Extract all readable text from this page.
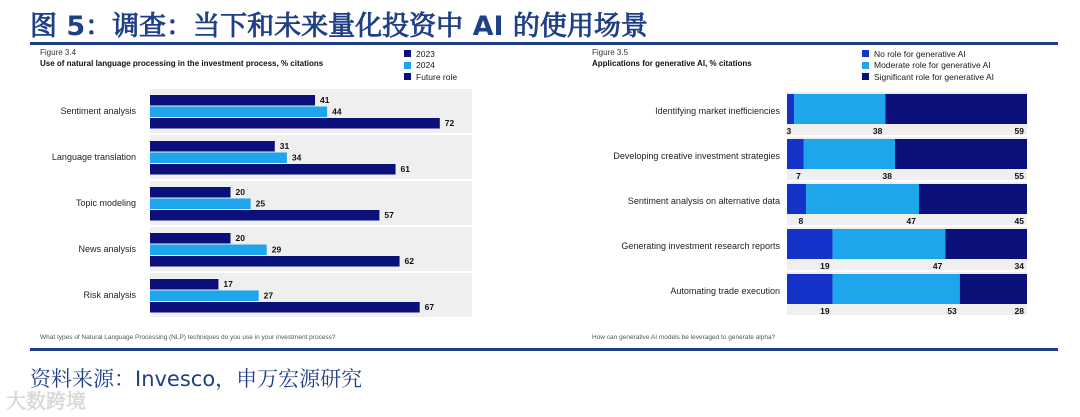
图 5：调查：当下和未来量化投资中 AI 的使用场景
Figure 3.4
Use of natural language processing in the investment process, % citations
2023
2024
Future role
Sentiment analysis
41
44
72
Language translation
31
34
61
Topic modeling
20
25
57
News analysis
20
29
62
Risk analysis
17
27
67
What types of Natural Language Processing (NLP) techniques do you use in your investment process?
Figure 3.5
Applications for generative AI, % citations
No role for generative AI
Moderate role for generative AI
Significant role for generative AI
Identifying market inefficiencies
3	38	59
Developing creative investment strategies
7	38	55
Sentiment analysis on alternative data
8	47	45
Generating investment research reports
19	47	34
Automating trade execution
19	53	28
How can generative AI models be leveraged to generate alpha?
资料来源：Invesco，申万宏源研究
大数跨境
